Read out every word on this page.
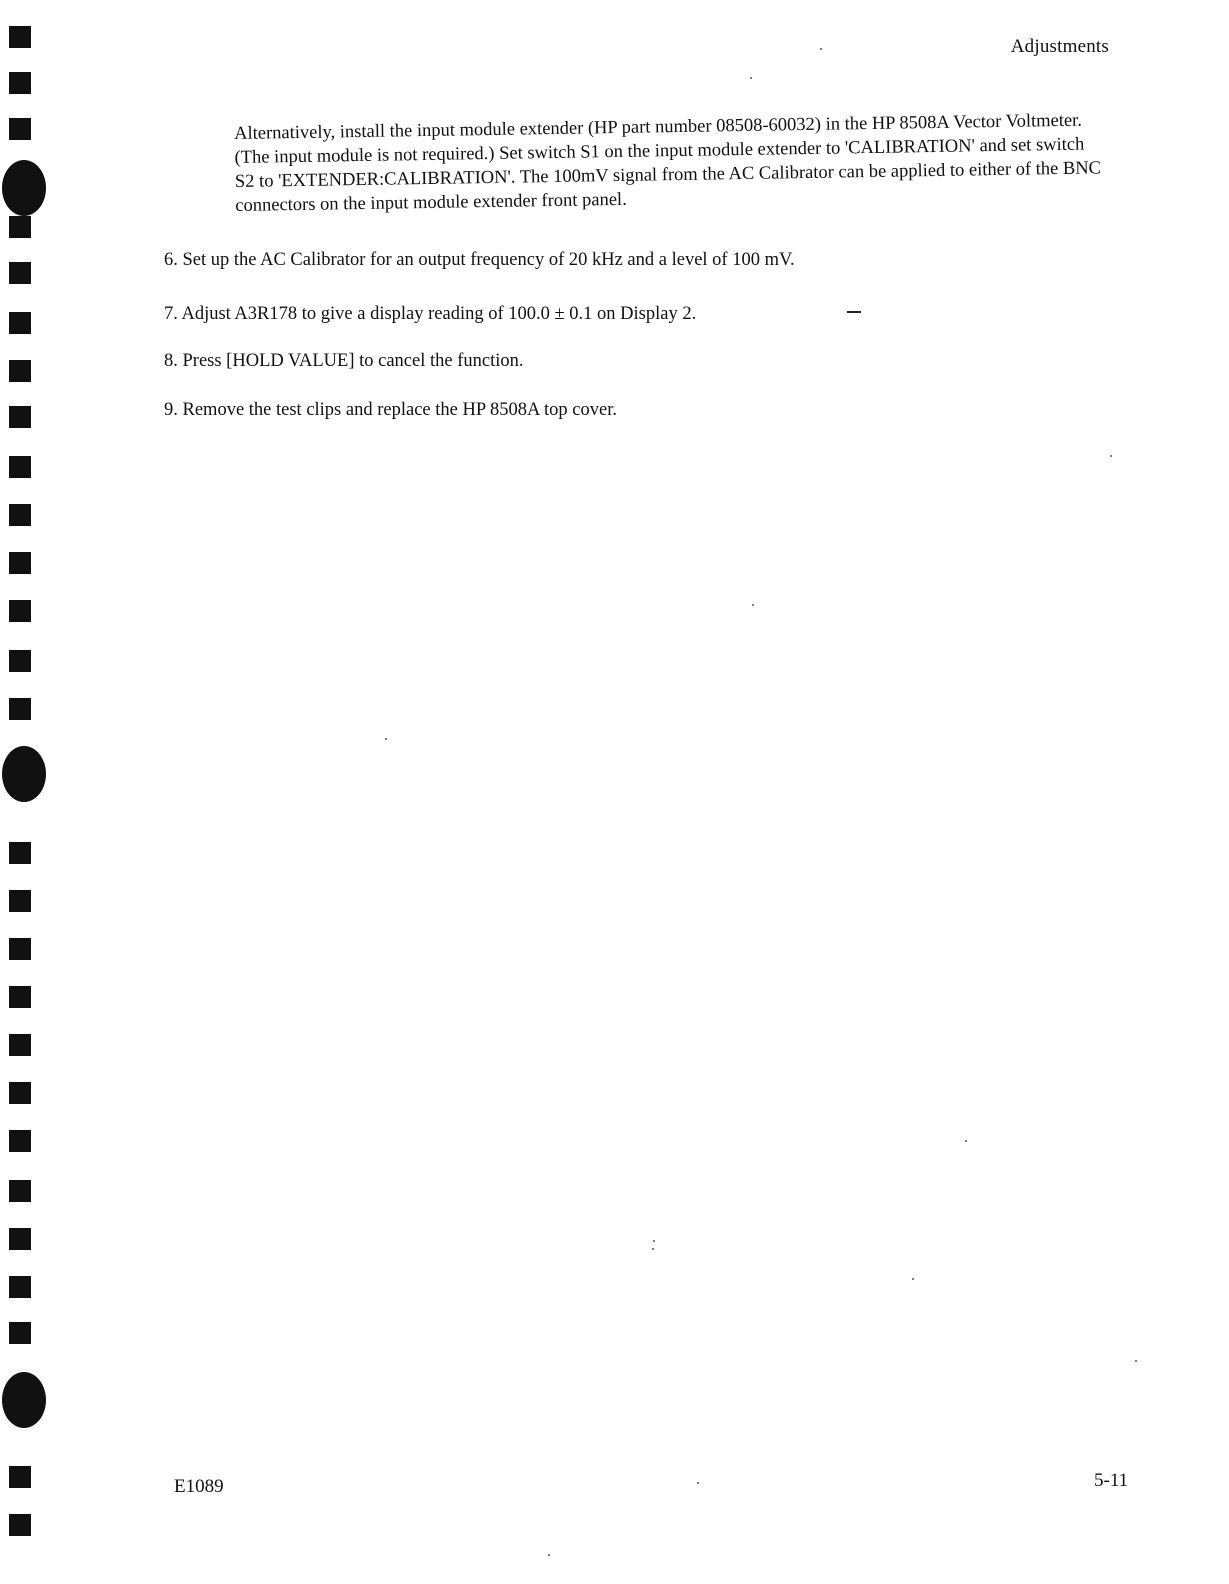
Adjustments
Alternatively, install the input module extender (HP part number 08508-60032) in the HP 8508A Vector Voltmeter. (The input module is not required.) Set switch S1 on the input module extender to 'CALIBRATION' and set switch S2 to 'EXTENDER:CALIBRATION'. The 100mV signal from the AC Calibrator can be applied to either of the BNC connectors on the input module extender front panel.
6. Set up the AC Calibrator for an output frequency of 20 kHz and a level of 100 mV.
7. Adjust A3R178 to give a display reading of 100.0 ± 0.1 on Display 2.
8. Press [HOLD VALUE] to cancel the function.
9. Remove the test clips and replace the HP 8508A top cover.
E1089	5-11
